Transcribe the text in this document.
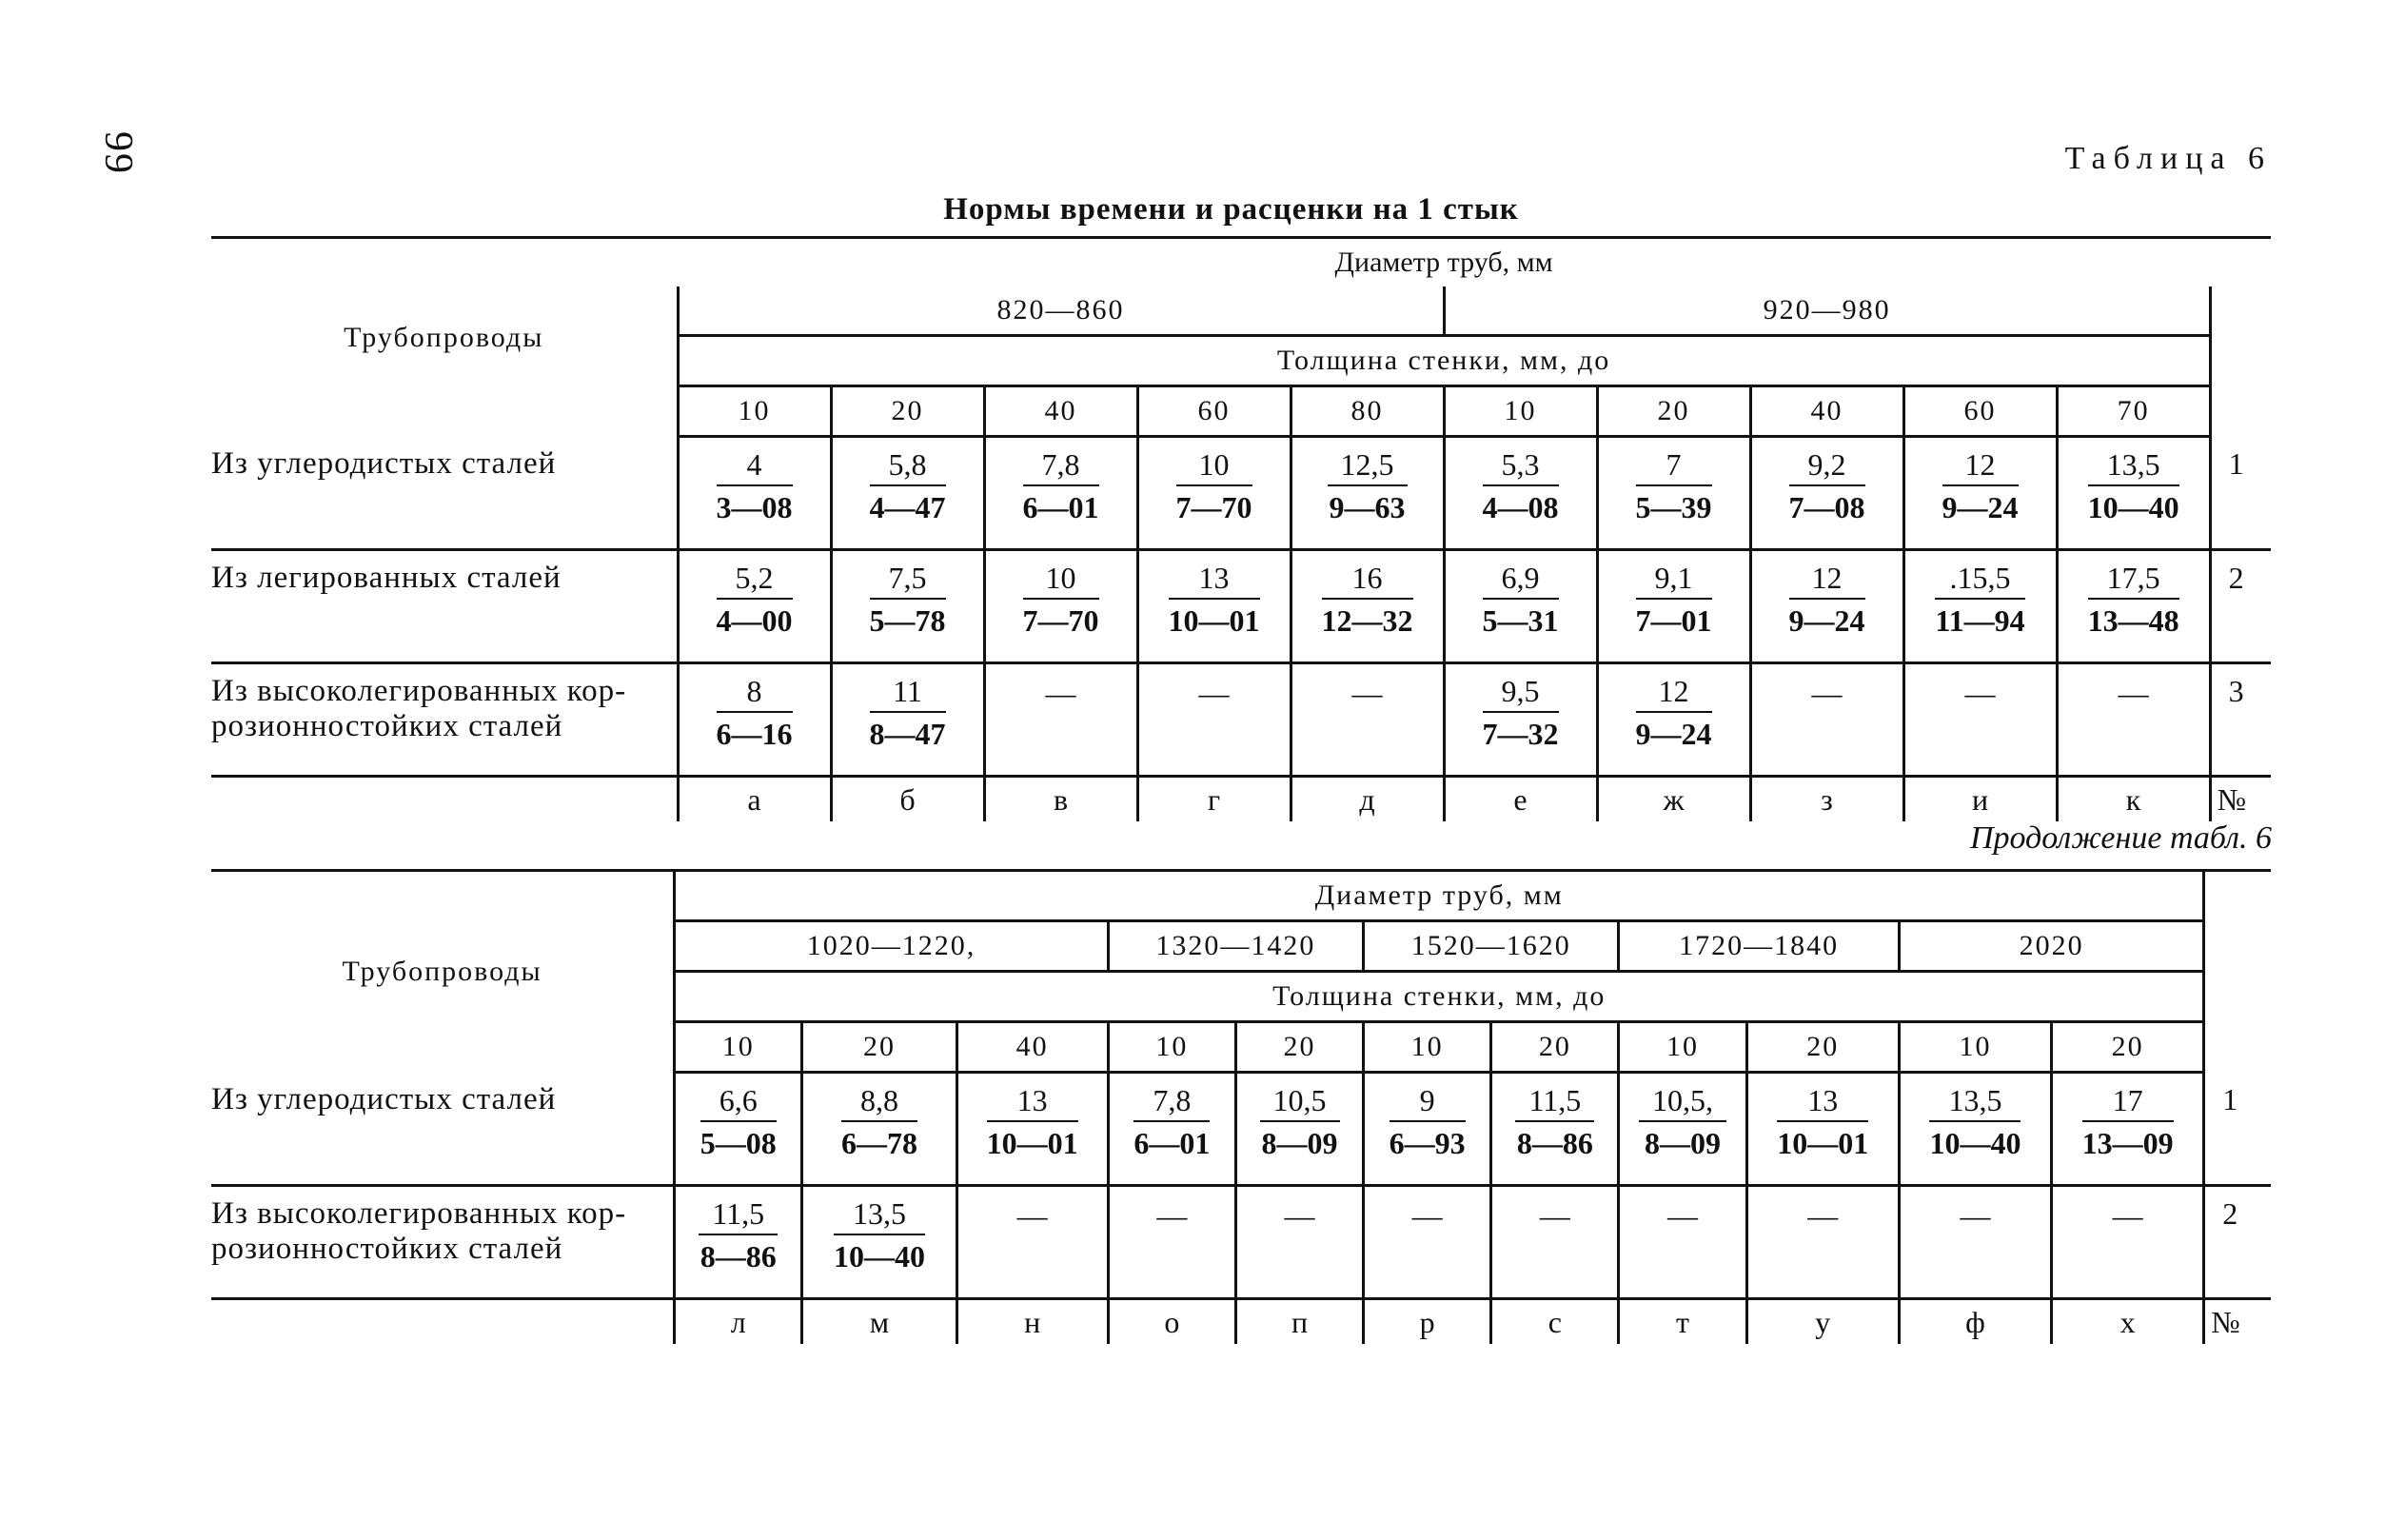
99	Таблица 6
Нормы времени и расценки на 1 стык
Трубопроводы	Диаметр труб, мм										
	820—860					920—980					
	Толщина стенки, мм, до										
	10	20	40	60	80	10	20	40	60	70	
Из углеродистых сталей	$\frac{4}{3—08}$	$\frac{5,8}{4—47}$	$\frac{7,8}{6—01}$	$\frac{10}{7—70}$	$\frac{12,5}{9—63}$	$\frac{5,3}{4—08}$	$\frac{7}{5—39}$	$\frac{9,2}{7—08}$	$\frac{12}{9—24}$	$\frac{13,5}{10—40}$	1
Из легированных сталей	$\frac{5,2}{4—00}$	$\frac{7,5}{5—78}$	$\frac{10}{7—70}$	$\frac{13}{10—01}$	$\frac{16}{12—32}$	$\frac{6,9}{5—31}$	$\frac{9,1}{7—01}$	$\frac{12}{9—24}$	$\frac{.15,5}{11—94}$	$\frac{17,5}{13—48}$	2
Из высоколегированных кор-розионностойких сталей	$\frac{8}{6—16}$	$\frac{11}{8—47}$	—	—	—	$\frac{9,5}{7—32}$	$\frac{12}{9—24}$	—	—	—	3
	а	б	в	г	д	е	ж	з	и	к	№
Продолжение табл. 6
Трубопроводы	Диаметр труб, мм											
	1020—1220,			1320—1420		1520—1620		1720—1840		2020		
	Толщина стенки, мм, до											
	10	20	40	10	20	10	20	10	20	10	20	
Из углеродистых сталей	$\frac{6,6}{5—08}$	$\frac{8,8}{6—78}$	$\frac{13}{10—01}$	$\frac{7,8}{6—01}$	$\frac{10,5}{8—09}$	$\frac{9}{6—93}$	$\frac{11,5}{8—86}$	$\frac{10,5,}{8—09}$	$\frac{13}{10—01}$	$\frac{13,5}{10—40}$	$\frac{17}{13—09}$	1
Из высоколегированных кор-розионностойких сталей	$\frac{11,5}{8—86}$	$\frac{13,5}{10—40}$	—	—	—	—	—	—	—	—	—	2
	л	м	н	о	п	р	с	т	у	ф	х	№
